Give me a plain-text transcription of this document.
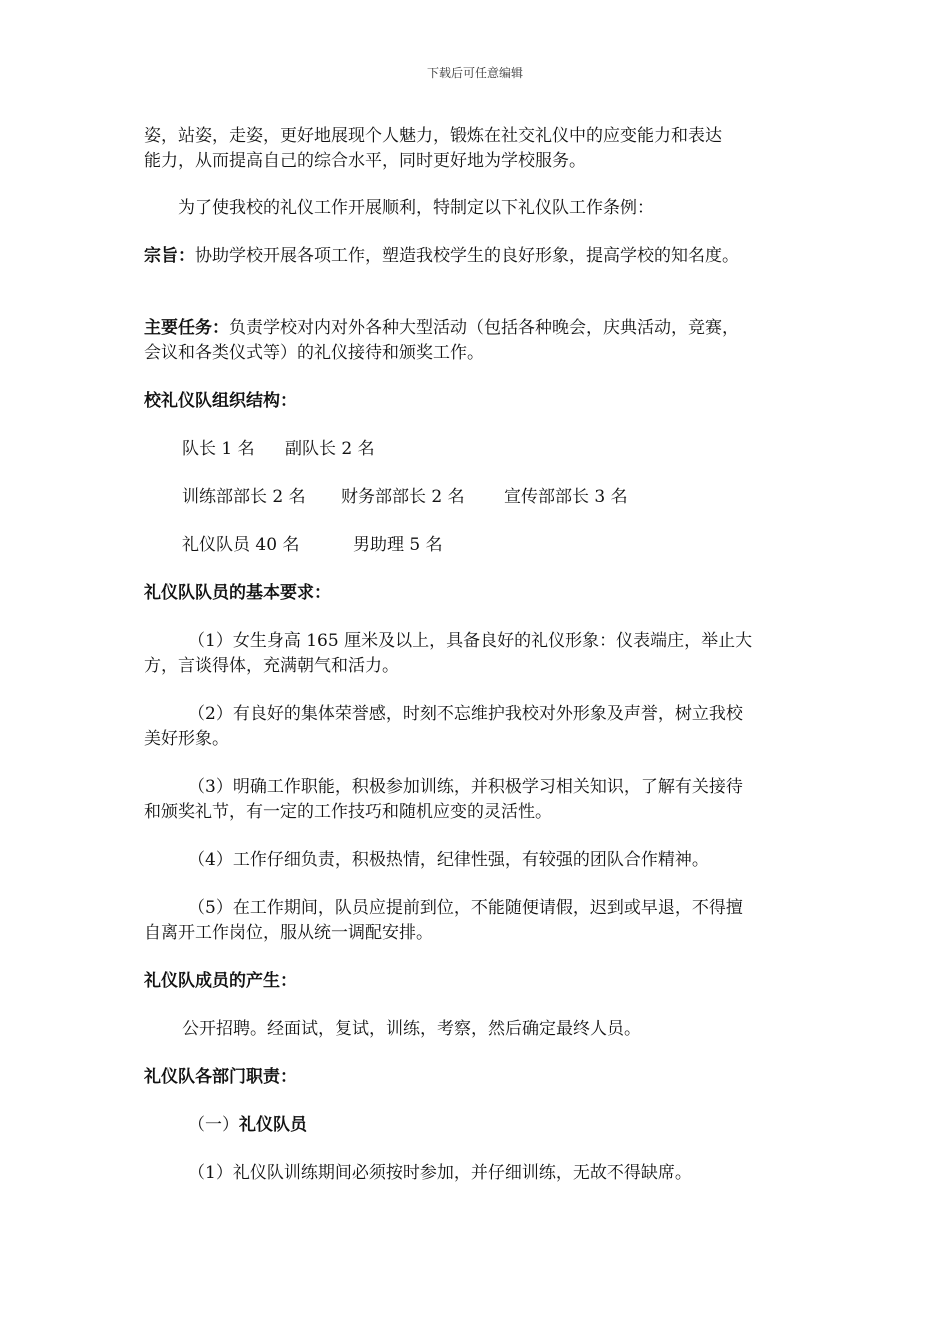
下载后可任意编辑

姿，站姿，走姿，更好地展现个人魅力，锻炼在社交礼仪中的应变能力和表达

能力，从而提高自己的综合水平，同时更好地为学校服务。

为了使我校的礼仪工作开展顺利，特制定以下礼仪队工作条例：

宗旨：协助学校开展各项工作，塑造我校学生的良好形象，提高学校的知名度。

主要任务：负责学校对内对外各种大型活动（包括各种晚会，庆典活动，竞赛，

会议和各类仪式等）的礼仪接待和颁奖工作。

校礼仪队组织结构：

队长 1 名 副队长 2 名

训练部部长 2 名 财务部部长 2 名 宣传部部长 3 名

礼仪队员 40 名	男助理 5 名

礼仪队队员的基本要求：

（1）女生身高 165 厘米及以上，具备良好的礼仪形象：仪表端庄，举止大
方，言谈得体，充满朝气和活力。

（2）有良好的集体荣誉感，时刻不忘维护我校对外形象及声誉，树立我校
美好形象。

（3）明确工作职能，积极参加训练，并积极学习相关知识，了解有关接待
和颁奖礼节，有一定的工作技巧和随机应变的灵活性。

（4）工作仔细负责，积极热情，纪律性强，有较强的团队合作精神。

（5）在工作期间，队员应提前到位，不能随便请假，迟到或早退，不得擅
自离开工作岗位，服从统一调配安排。

礼仪队成员的产生：

公开招聘。经面试，复试，训练，考察，然后确定最终人员。

礼仪队各部门职责：

（一）礼仪队员

（1）礼仪队训练期间必须按时参加，并仔细训练，无故不得缺席。
